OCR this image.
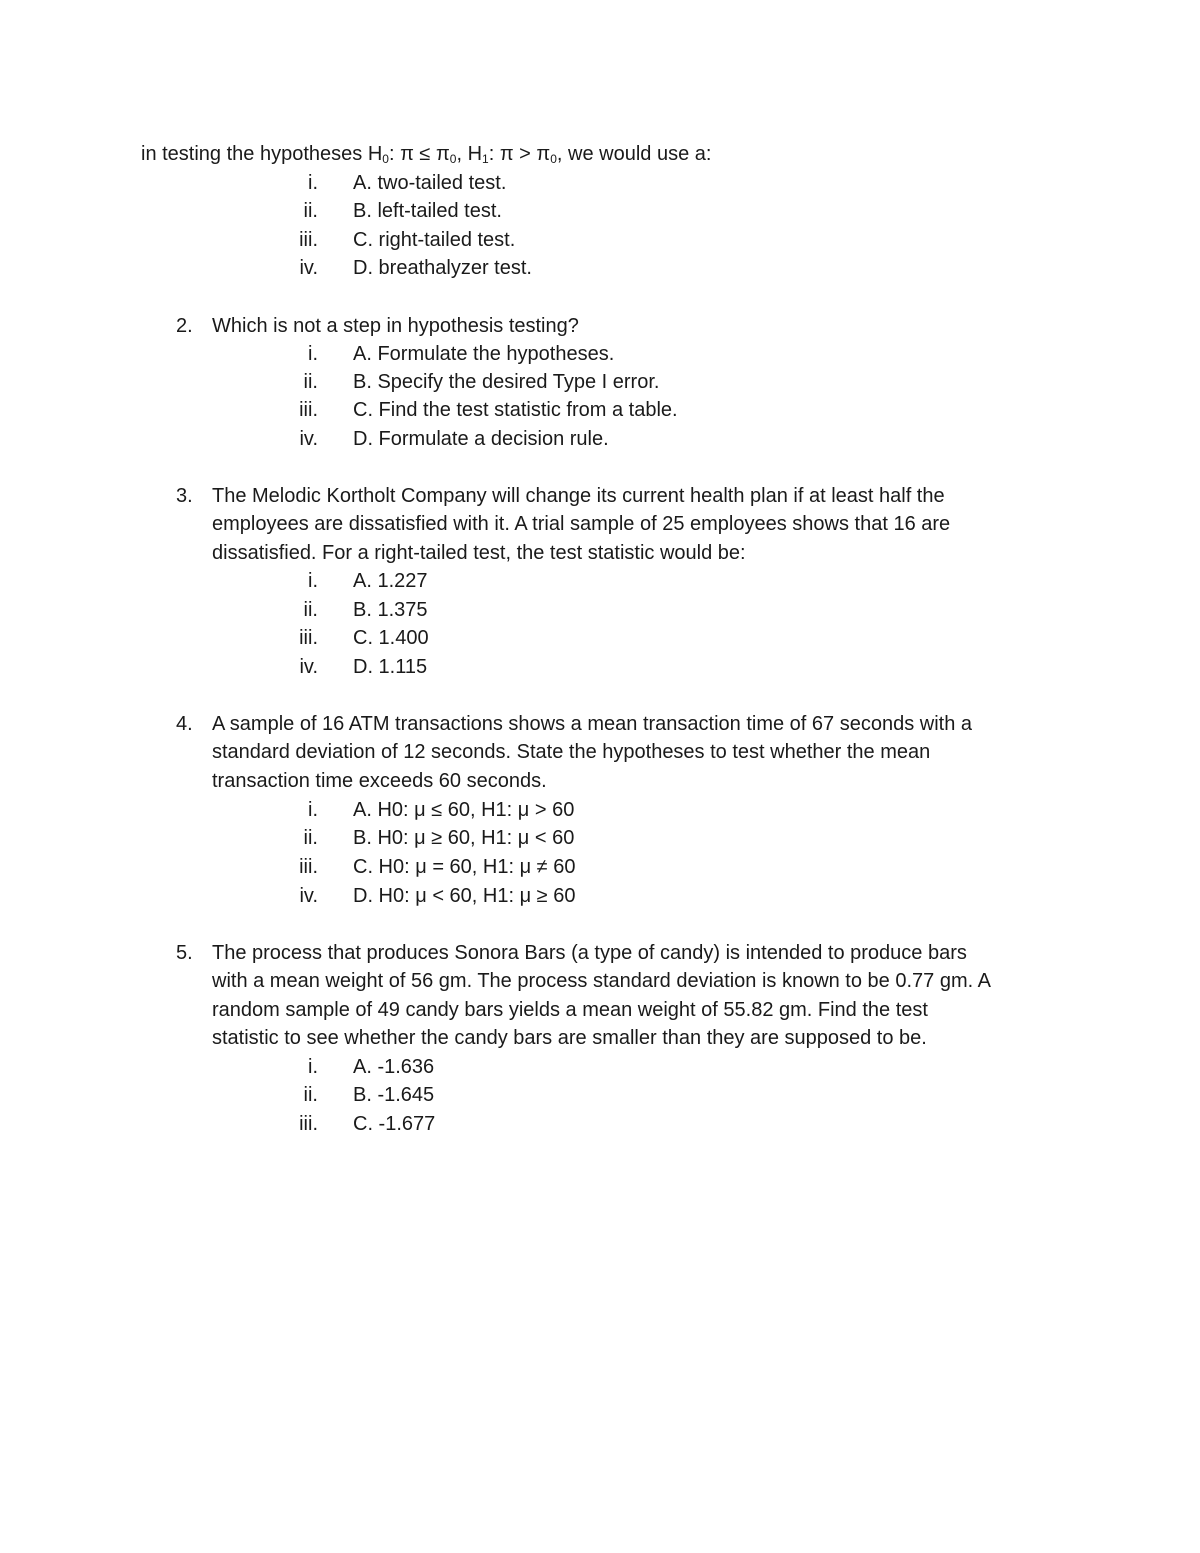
in testing the hypotheses $H_0$: $\pi \le \pi_0$, $H_1$: $\pi > \pi_0$, we would use a:
i. A. two-tailed test.
ii. B. left-tailed test.
iii. C. right-tailed test.
iv. D. breathalyzer test.
2. Which is not a step in hypothesis testing?
i. A. Formulate the hypotheses.
ii. B. Specify the desired Type I error.
iii. C. Find the test statistic from a table.
iv. D. Formulate a decision rule.
3. The Melodic Kortholt Company will change its current health plan if at least half the
employees are dissatisfied with it. A trial sample of 25 employees shows that 16 are
dissatisfied. For a right-tailed test, the test statistic would be:
i. A. 1.227
ii. B. 1.375
iii. C. 1.400
iv. D. 1.115
4. A sample of 16 ATM transactions shows a mean transaction time of 67 seconds with a
standard deviation of 12 seconds. State the hypotheses to test whether the mean
transaction time exceeds 60 seconds.
i. A. H0: μ ≤ 60, H1: μ > 60
ii. B. H0: μ ≥ 60, H1: μ < 60
iii. C. H0: μ = 60, H1: μ ≠ 60
iv. D. H0: μ < 60, H1: μ ≥ 60
5. The process that produces Sonora Bars (a type of candy) is intended to produce bars
with a mean weight of 56 gm. The process standard deviation is known to be 0.77 gm. A
random sample of 49 candy bars yields a mean weight of 55.82 gm. Find the test
statistic to see whether the candy bars are smaller than they are supposed to be.
i. A. -1.636
ii. B. -1.645
iii. C. -1.677
